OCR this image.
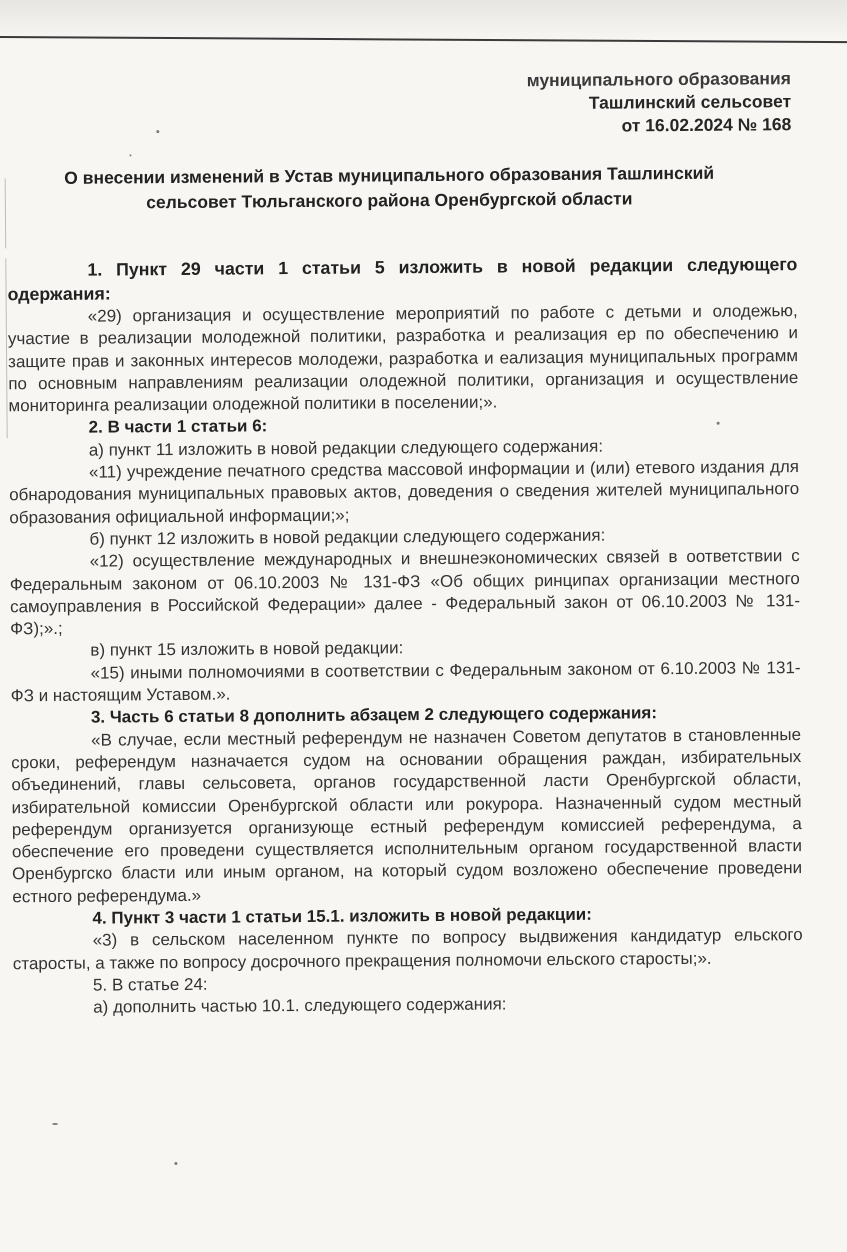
муниципального образования
Ташлинский сельсовет
от 16.02.2024 № 168
О внесении изменений в Устав муниципального образования Ташлинский
сельсовет Тюльганского района Оренбургской области

1. Пункт 29 части 1 статьи 5 изложить в новой редакции следующего одержания:

«29) организация и осуществление мероприятий по работе с детьми и олодежью, участие в реализации молодежной политики, разработка и реализация ер по обеспечению и защите прав и законных интересов молодежи, разработка и еализация муниципальных программ по основным направлениям реализации олодежной политики, организация и осуществление мониторинга реализации олодежной политики в поселении;».

2. В части 1 статьи 6:

а) пункт 11 изложить в новой редакции следующего содержания:

«11) учреждение печатного средства массовой информации и (или) етевого издания для обнародования муниципальных правовых актов, доведения о сведения жителей муниципального образования официальной информации;»;

б) пункт 12 изложить в новой редакции следующего содержания:

«12) осуществление международных и внешнеэкономических связей в оответствии с Федеральным законом от 06.10.2003 № 131-ФЗ «Об общих ринципах организации местного самоуправления в Российской Федерации» далее - Федеральный закон от 06.10.2003 № 131-ФЗ);».;

в) пункт 15 изложить в новой редакции:

«15) иными полномочиями в соответствии с Федеральным законом от 6.10.2003 № 131-ФЗ и настоящим Уставом.».

3. Часть 6 статьи 8 дополнить абзацем 2 следующего содержания:

«В случае, если местный референдум не назначен Советом депутатов в становленные сроки, референдум назначается судом на основании обращения раждан, избирательных объединений, главы сельсовета, органов государственной ласти Оренбургской области, избирательной комиссии Оренбургской области или рокурора. Назначенный судом местный референдум организуется организующе естный референдум комиссией референдума, а обеспечение его проведени существляется исполнительным органом государственной власти Оренбургско бласти или иным органом, на который судом возложено обеспечение проведени естного референдума.»

4. Пункт 3 части 1 статьи 15.1. изложить в новой редакции:

«3) в сельском населенном пункте по вопросу выдвижения кандидатур ельского старосты, а также по вопросу досрочного прекращения полномочи ельского старосты;».

5. В статье 24:

а) дополнить частью 10.1. следующего содержания:
